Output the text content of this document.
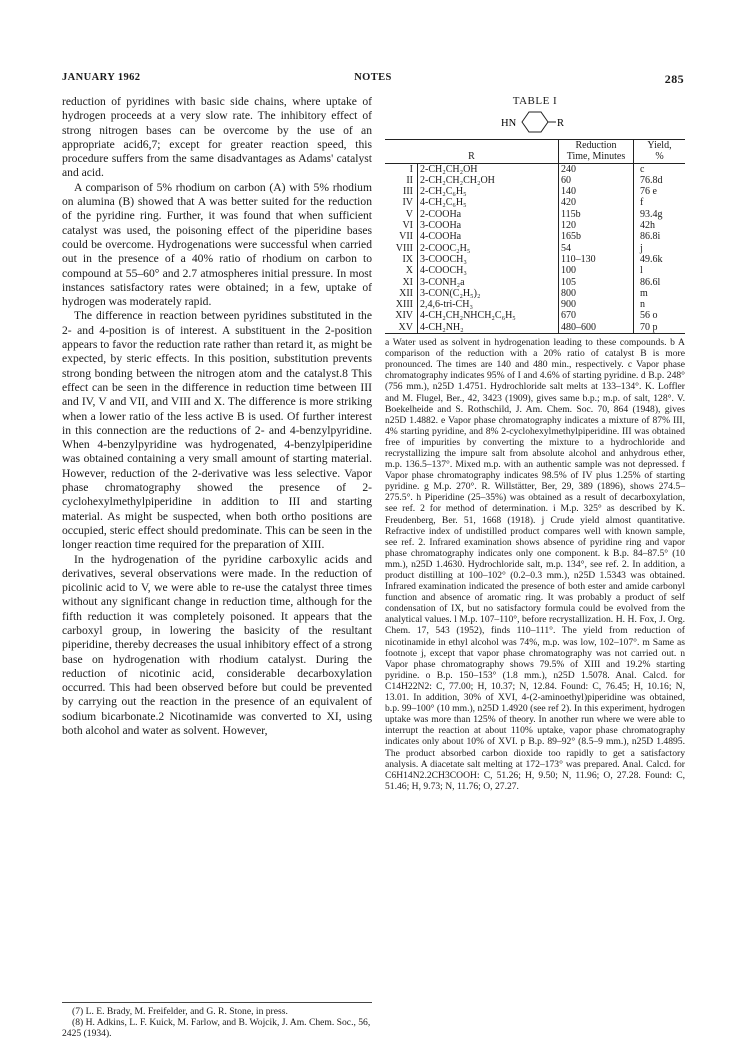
JANUARY 1962	NOTES	285

reduction of pyridines with basic side chains, where uptake of hydrogen proceeds at a very slow rate. The inhibitory effect of strong nitrogen bases can be overcome by the use of an appropriate acid6,7; except for greater reaction speed, this procedure suffers from the same disadvantages as Adams' catalyst and acid.

A comparison of 5% rhodium on carbon (A) with 5% rhodium on alumina (B) showed that A was better suited for the reduction of the pyridine ring. Further, it was found that when sufficient catalyst was used, the poisoning effect of the piperidine bases could be overcome. Hydrogenations were successful when carried out in the presence of a 40% ratio of rhodium on carbon to compound at 55–60° and 2.7 atmospheres initial pressure. In most instances satisfactory rates were obtained; in a few, uptake of hydrogen was moderately rapid.

The difference in reaction between pyridines substituted in the 2- and 4-position is of interest. A substituent in the 2-position appears to favor the reduction rate rather than retard it, as might be expected, by steric effects. In this position, substitution prevents strong bonding between the nitrogen atom and the catalyst.8 This effect can be seen in the difference in reduction time between III and IV, V and VII, and VIII and X. The difference is more striking when a lower ratio of the less active B is used. Of further interest in this connection are the reductions of 2- and 4-benzylpyridine. When 4-benzylpyridine was hydrogenated, 4-benzylpiperidine was obtained containing a very small amount of starting material. However, reduction of the 2-derivative was less selective. Vapor phase chromatography showed the presence of 2-cyclohexylmethylpiperidine in addition to III and starting material. As might be suspected, when both ortho positions are occupied, steric effect should predominate. This can be seen in the longer reaction time required for the preparation of XIII.

In the hydrogenation of the pyridine carboxylic acids and derivatives, several observations were made. In the reduction of picolinic acid to V, we were able to re-use the catalyst three times without any significant change in reduction time, although for the fifth reduction it was completely poisoned. It appears that the carboxyl group, in lowering the basicity of the resultant piperidine, thereby decreases the usual inhibitory effect of a strong base on hydrogenation with rhodium catalyst. During the reduction of nicotinic acid, considerable decarboxylation occurred. This had been observed before but could be prevented by carrying out the reaction in the presence of an equivalent of sodium bicarbonate.2 Nicotinamide was converted to XI, using both alcohol and water as solvent. However,

(7) L. E. Brady, M. Freifelder, and G. R. Stone, in press.

(8) H. Adkins, L. F. Kuick, M. Farlow, and B. Wojcik, J. Am. Chem. Soc., 56, 2425 (1934).

TABLE I
HN	R
R		Reduction
Time, Minutes	Yield,
%
I	2-CH₂CH₂OH	240	c
II	2-CH₂CH₂CH₂OH	60	76.8d
III	2-CH₂C₆H₅	140	76 e
IV	4-CH₂C₆H₅	420	f
V	2-COOHa	115b	93.4g
VI	3-COOHa	120	42h
VII	4-COOHa	165b	86.8i
VIII	2-COOC₂H₅	54	j
IX	3-COOCH₃	110–130	49.6k
X	4-COOCH₃	100	l
XI	3-CONH₂a	105	86.6l
XII	3-CON(C₂H₅)₂	800	m
XIII	2,4,6-tri-CH₃	900	n
XIV	4-CH₂CH₂NHCH₂C₆H₅	670	56 o
XV	4-CH₂NH₂	480–600	70 p

a Water used as solvent in hydrogenation leading to these compounds. b A comparison of the reduction with a 20% ratio of catalyst B is more pronounced. The times are 140 and 480 min., respectively. c Vapor phase chromatography indicates 95% of I and 4.6% of starting pyridine. d B.p. 248° (756 mm.), n25D 1.4751. Hydrochloride salt melts at 133–134°. K. Loffler and M. Flugel, Ber., 42, 3423 (1909), gives same b.p.; m.p. of salt, 128°. V. Boekelheide and S. Rothschild, J. Am. Chem. Soc. 70, 864 (1948), gives n25D 1.4882. e Vapor phase chromatography indicates a mixture of 87% III, 4% starting pyridine, and 8% 2-cyclohexylmethylpiperidine. III was obtained free of impurities by converting the mixture to a hydrochloride and recrystallizing the impure salt from absolute alcohol and anhydrous ether, m.p. 136.5–137°. Mixed m.p. with an authentic sample was not depressed. f Vapor phase chromatography indicates 98.5% of IV plus 1.25% of starting pyridine. g M.p. 270°. R. Willstätter, Ber, 29, 389 (1896), shows 274.5–275.5°. h Piperidine (25–35%) was obtained as a result of decarboxylation, see ref. 2 for method of determination. i M.p. 325° as described by K. Freudenberg, Ber. 51, 1668 (1918). j Crude yield almost quantitative. Refractive index of undistilled product compares well with known sample, see ref. 2. Infrared examination shows absence of pyridine ring and vapor phase chromatography indicates only one component. k B.p. 84–87.5° (10 mm.), n25D 1.4630. Hydrochloride salt, m.p. 134°, see ref. 2. In addition, a product distilling at 100–102° (0.2–0.3 mm.), n25D 1.5343 was obtained. Infrared examination indicated the presence of both ester and amide carbonyl function and absence of aromatic ring. It was probably a product of self condensation of IX, but no satisfactory formula could be evolved from the analytical values. l M.p. 107–110°, before recrystallization. H. H. Fox, J. Org. Chem. 17, 543 (1952), finds 110–111°. The yield from reduction of nicotinamide in ethyl alcohol was 74%, m.p. was low, 102–107°. m Same as footnote j, except that vapor phase chromatography was not carried out. n Vapor phase chromatography shows 79.5% of XIII and 19.2% starting pyridine. o B.p. 150–153° (1.8 mm.), n25D 1.5078. Anal. Calcd. for C14H22N2: C, 77.00; H, 10.37; N, 12.84. Found: C, 76.45; H, 10.16; N, 13.01. In addition, 30% of XVI, 4-(2-aminoethyl)piperidine was obtained, b.p. 99–100° (10 mm.), n25D 1.4920 (see ref 2). In this experiment, hydrogen uptake was more than 125% of theory. In another run where we were able to interrupt the reaction at about 110% uptake, vapor phase chromatography indicates only about 10% of XVI. p B.p. 89–92° (8.5–9 mm.), n25D 1.4895. The product absorbed carbon dioxide too rapidly to get a satisfactory analysis. A diacetate salt melting at 172–173° was prepared. Anal. Calcd. for C6H14N2.2CH3COOH: C, 51.26; H, 9.50; N, 11.96; O, 27.28. Found: C, 51.46; H, 9.73; N, 11.76; O, 27.27.
